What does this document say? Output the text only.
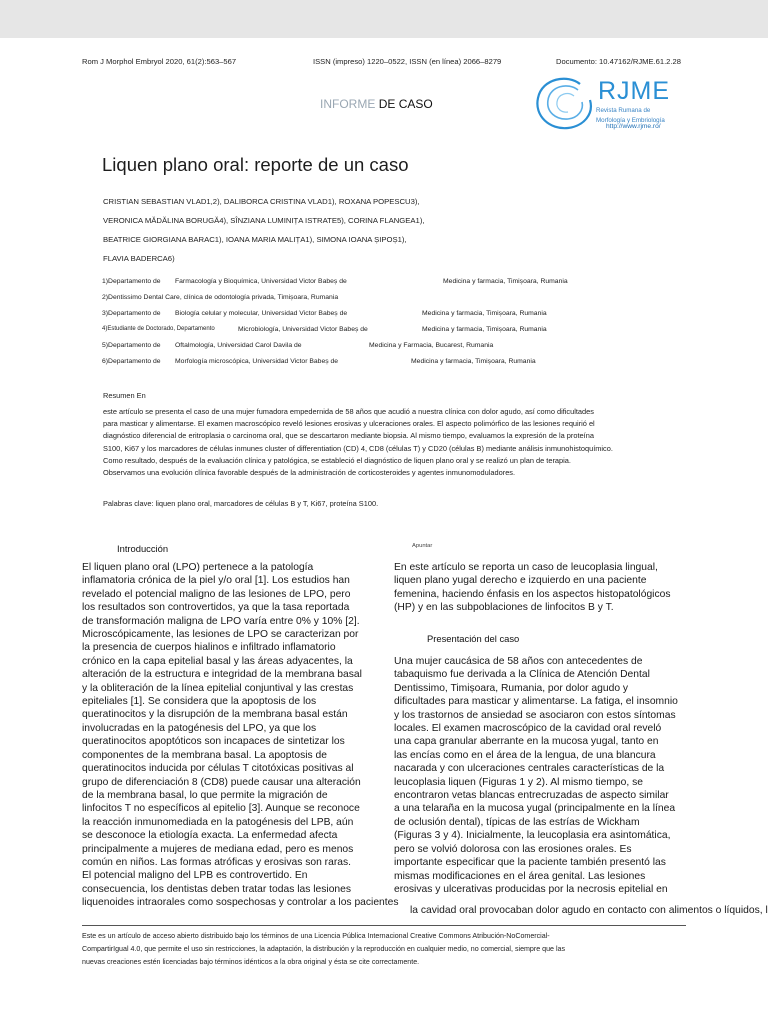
Rom J Morphol Embryol 2020, 61(2):563–567	ISSN (impreso) 1220–0522, ISSN (en línea) 2066–8279	Documento: 10.47162/RJME.61.2.28
INFORME DE CASO	RJME
Revista Rumana de
Morfología y Embriología
http://www.rjme.ro/
Liquen plano oral: reporte de un caso
CRISTIAN SEBASTIAN VLAD1,2), DALIBORCA CRISTINA VLAD1), ROXANA POPESCU3),
VERONICA MĂDĂLINA BORUGĂ4), SÎNZIANA LUMINIȚA ISTRATE5), CORINA FLANGEA1),
BEATRICE GIORGIANA BARAC1), IOANA MARIA MALIȚA1), SIMONA IOANA ȘIPOȘ1),
FLAVIA BADERCA6)
1)Departamento de Farmacología y Bioquímica, Universidad Victor Babeș de	Medicina y farmacia, Timișoara, Rumania
2)Dentissimo Dental Care, clínica de odontología privada, Timișoara, Rumania
3)Departamento de Biología celular y molecular, Universidad Victor Babeș de	Medicina y farmacia, Timișoara, Rumania
4)Estudiante de Doctorado, Departamento	Microbiología, Universidad Victor Babeș de	Medicina y farmacia, Timișoara, Rumania
5)Departamento de Oftalmología, Universidad Carol Davila de	Medicina y Farmacia, Bucarest, Rumania
6)Departamento de Morfología microscópica, Universidad Victor Babeș de	Medicina y farmacia, Timișoara, Rumania
Resumen En
este artículo se presenta el caso de una mujer fumadora empedernida de 58 años que acudió a nuestra clínica con dolor agudo, así como dificultades
para masticar y alimentarse. El examen macroscópico reveló lesiones erosivas y ulceraciones orales. El aspecto polimórfico de las lesiones requirió el
diagnóstico diferencial de eritroplasia o carcinoma oral, que se descartaron mediante biopsia. Al mismo tiempo, evaluamos la expresión de la proteína
S100, Ki67 y los marcadores de células inmunes cluster of differentiation (CD) 4, CD8 (células T) y CD20 (células B) mediante análisis inmunohistoquímico.
Como resultado, después de la evaluación clínica y patológica, se estableció el diagnóstico de liquen plano oral y se realizó un plan de terapia.
Observamos una evolución clínica favorable después de la administración de corticosteroides y agentes inmunomoduladores.
Palabras clave: liquen plano oral, marcadores de células B y T, Ki67, proteína S100.
Introducción	Apuntar
El liquen plano oral (LPO) pertenece a la patología
inflamatoria crónica de la piel y/o oral [1]. Los estudios han
revelado el potencial maligno de las lesiones de LPO, pero
los resultados son controvertidos, ya que la tasa reportada
de transformación maligna de LPO varía entre 0% y 10% [2].
Microscópicamente, las lesiones de LPO se caracterizan por
la presencia de cuerpos hialinos e infiltrado inflamatorio
crónico en la capa epitelial basal y las áreas adyacentes, la
alteración de la estructura e integridad de la membrana basal
y la obliteración de la línea epitelial conjuntival y las crestas
epiteliales [1]. Se considera que la apoptosis de los
queratinocitos y la disrupción de la membrana basal están
involucradas en la patogénesis del LPO, ya que los
queratinocitos apoptóticos son incapaces de sintetizar los
componentes de la membrana basal. La apoptosis de
queratinocitos inducida por células T citotóxicas positivas al
grupo de diferenciación 8 (CD8) puede causar una alteración
de la membrana basal, lo que permite la migración de
linfocitos T no específicos al epitelio [3]. Aunque se reconoce
la reacción inmunomediada en la patogénesis del LPB, aún
se desconoce la etiología exacta. La enfermedad afecta
principalmente a mujeres de mediana edad, pero es menos
común en niños. Las formas atróficas y erosivas son raras.
El potencial maligno del LPB es controvertido. En
consecuencia, los dentistas deben tratar todas las lesiones
liquenoides intraorales como sospechosas y controlar a los pacientes
En este artículo se reporta un caso de leucoplasia lingual,
liquen plano yugal derecho e izquierdo en una paciente
femenina, haciendo énfasis en los aspectos histopatológicos
(HP) y en las subpoblaciones de linfocitos B y T.
Presentación del caso
Una mujer caucásica de 58 años con antecedentes de
tabaquismo fue derivada a la Clínica de Atención Dental
Dentissimo, Timișoara, Rumania, por dolor agudo y
dificultades para masticar y alimentarse. La fatiga, el insomnio
y los trastornos de ansiedad se asociaron con estos síntomas
locales. El examen macroscópico de la cavidad oral reveló
una capa granular aberrante en la mucosa yugal, tanto en
las encías como en el área de la lengua, de una blancura
nacarada y con ulceraciones centrales características de la
leucoplasia liquen (Figuras 1 y 2). Al mismo tiempo, se
encontraron vetas blancas entrecruzadas de aspecto similar
a una telaraña en la mucosa yugal (principalmente en la línea
de oclusión dental), típicas de las estrías de Wickham
(Figuras 3 y 4). Inicialmente, la leucoplasia era asintomática,
pero se volvió dolorosa con las erosiones orales. Es
importante especificar que la paciente también presentó las
mismas modificaciones en el área genital. Las lesiones
erosivas y ulcerativas producidas por la necrosis epitelial en
la cavidad oral provocaban dolor agudo en contacto con alimentos o líquidos, l
Este es un artículo de acceso abierto distribuido bajo los términos de una Licencia Pública Internacional Creative Commons Atribución-NoComercial-
CompartirIgual 4.0, que permite el uso sin restricciones, la adaptación, la distribución y la reproducción en cualquier medio, no comercial, siempre que las
nuevas creaciones estén licenciadas bajo términos idénticos a la obra original y ésta se cite correctamente.
